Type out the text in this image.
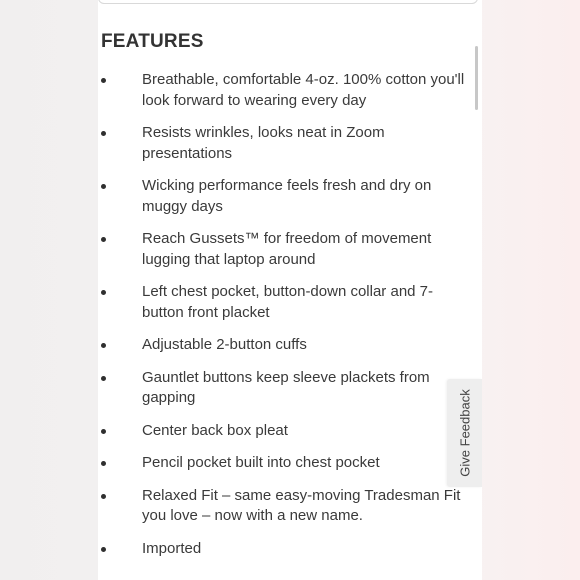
FEATURES
Breathable, comfortable 4-oz. 100% cotton you'll look forward to wearing every day
Resists wrinkles, looks neat in Zoom presentations
Wicking performance feels fresh and dry on muggy days
Reach Gussets™ for freedom of movement lugging that laptop around
Left chest pocket, button-down collar and 7-button front placket
Adjustable 2-button cuffs
Gauntlet buttons keep sleeve plackets from gapping
Center back box pleat
Pencil pocket built into chest pocket
Relaxed Fit – same easy-moving Tradesman Fit you love – now with a new name.
Imported
Give Feedback
